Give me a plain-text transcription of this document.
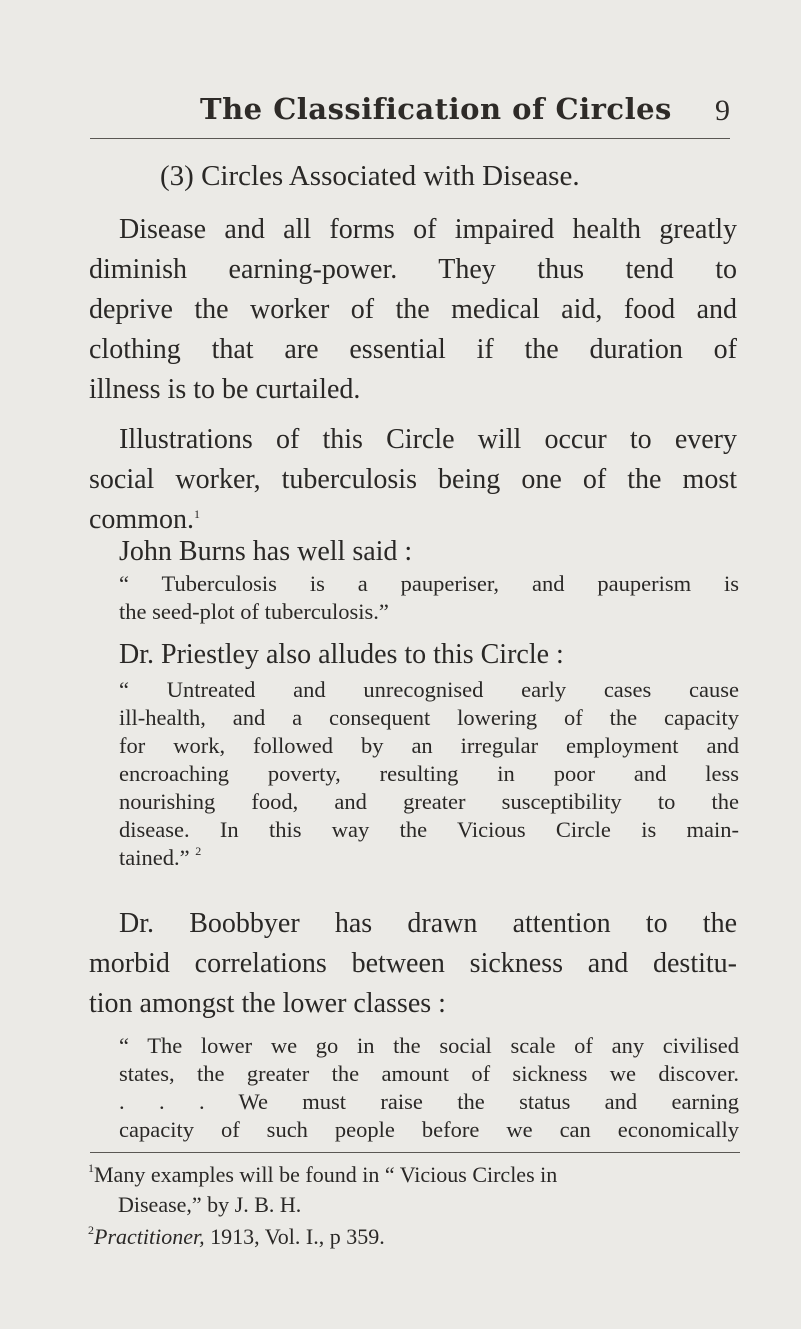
The Classification of Circles 9
(3) Circles Associated with Disease.
Disease and all forms of impaired health greatly
diminish earning-power. They thus tend to
deprive the worker of the medical aid, food and
clothing that are essential if the duration of
illness is to be curtailed.
Illustrations of this Circle will occur to every
social worker, tuberculosis being one of the most
common.$^1$
John Burns has well said :
“ Tuberculosis is a pauperiser, and pauperism is
the seed-plot of tuberculosis.”
Dr. Priestley also alludes to this Circle :
“ Untreated and unrecognised early cases cause
ill-health, and a consequent lowering of the capacity
for work, followed by an irregular employment and
encroaching poverty, resulting in poor and less
nourishing food, and greater susceptibility to the
disease. In this way the Vicious Circle is main-
tained.” $^2$
Dr. Boobbyer has drawn attention to the
morbid correlations between sickness and destitu-
tion amongst the lower classes :
“ The lower we go in the social scale of any civilised
states, the greater the amount of sickness we discover.
. . . We must raise the status and earning
capacity of such people before we can economically
$^1$Many examples will be found in “ Vicious Circles in
Disease,” by J. B. H.
$^2$Practitioner, 1913, Vol. I., p 359.
